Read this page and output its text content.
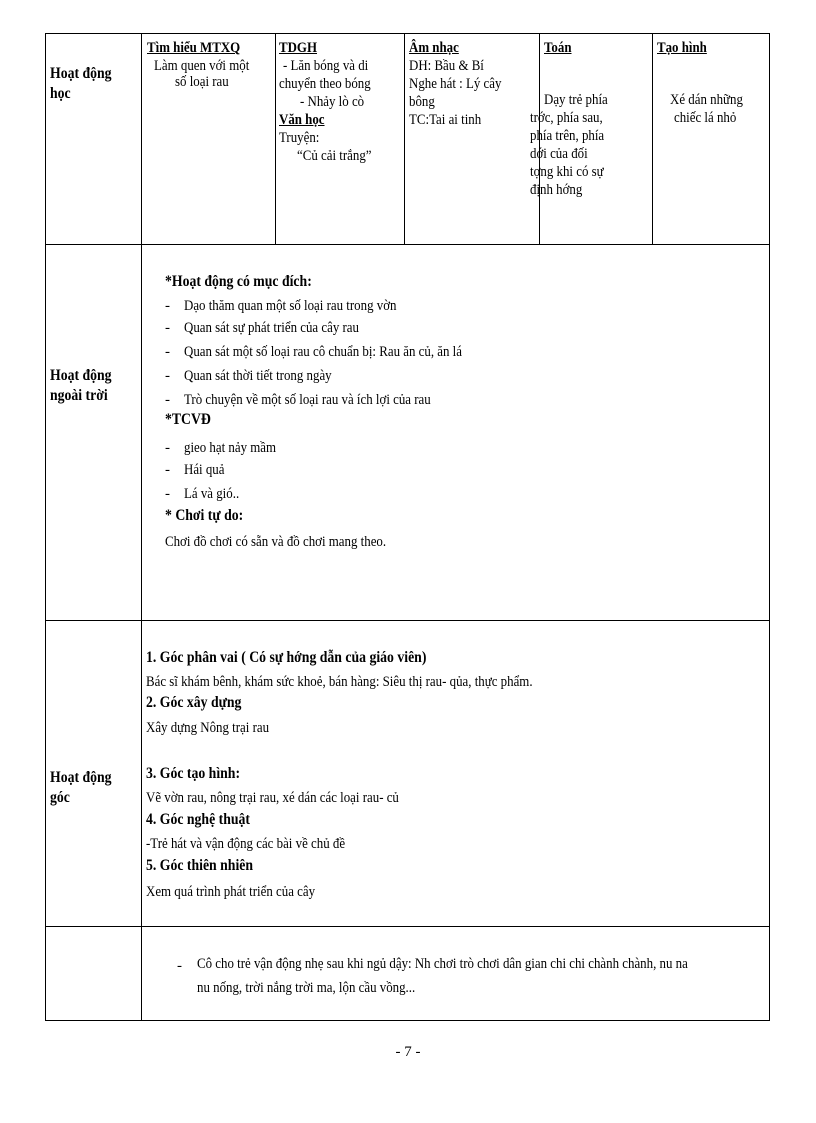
Hoạt động học
Tìm hiểu MTXQ
Làm quen với một
số loại rau
TDGH
- Lăn bóng và di
chuyển theo bóng
- Nhảy lò cò
Văn học
Truyện:
“Củ cải trắng”
Âm nhạc
DH: Bầu & Bí
Nghe hát : Lý cây
bông
TC:Tai ai tinh
Toán
Dạy trẻ phía
trớc, phía sau,
phía trên, phía
dới của đối
tợng khi có sự
định hớng
Tạo hình
Xé dán những
chiếc lá nhỏ
Hoạt động ngoài trời
*Hoạt động có mục đích:
- Dạo thăm quan một số loại rau trong vờn
- Quan sát sự phát triển của cây rau
- Quan sát một số loại rau cô chuẩn bị: Rau ăn củ, ăn lá
- Quan sát thời tiết trong ngày
- Trò chuyện về một số loại rau và ích lợi của rau
*TCVĐ
- gieo hạt nảy mầm
- Hái quả
- Lá và gió..
* Chơi tự do:
Chơi đồ chơi có sẵn và đồ chơi mang theo.
Hoạt động góc
1. Góc phân vai ( Có sự hớng dẫn của giáo viên)
Bác sĩ khám bênh, khám sức khoẻ, bán hàng: Siêu thị rau- qủa, thực phẩm.
2. Góc xây dựng
Xây dựng Nông trại rau
3. Góc tạo hình:
Vẽ vờn rau, nông trại rau, xé dán các loại rau- củ
4. Góc nghệ thuật
-Trẻ hát và vận động các bài về chủ đề
5. Góc thiên nhiên
Xem quá trình phát triển của cây
- Cô cho trẻ vận động nhẹ sau khi ngủ dậy: Nh chơi trò chơi dân gian chi chi chành chành, nu na
nu nống, trời nắng trời ma, lộn cầu vồng...
- 7 -
